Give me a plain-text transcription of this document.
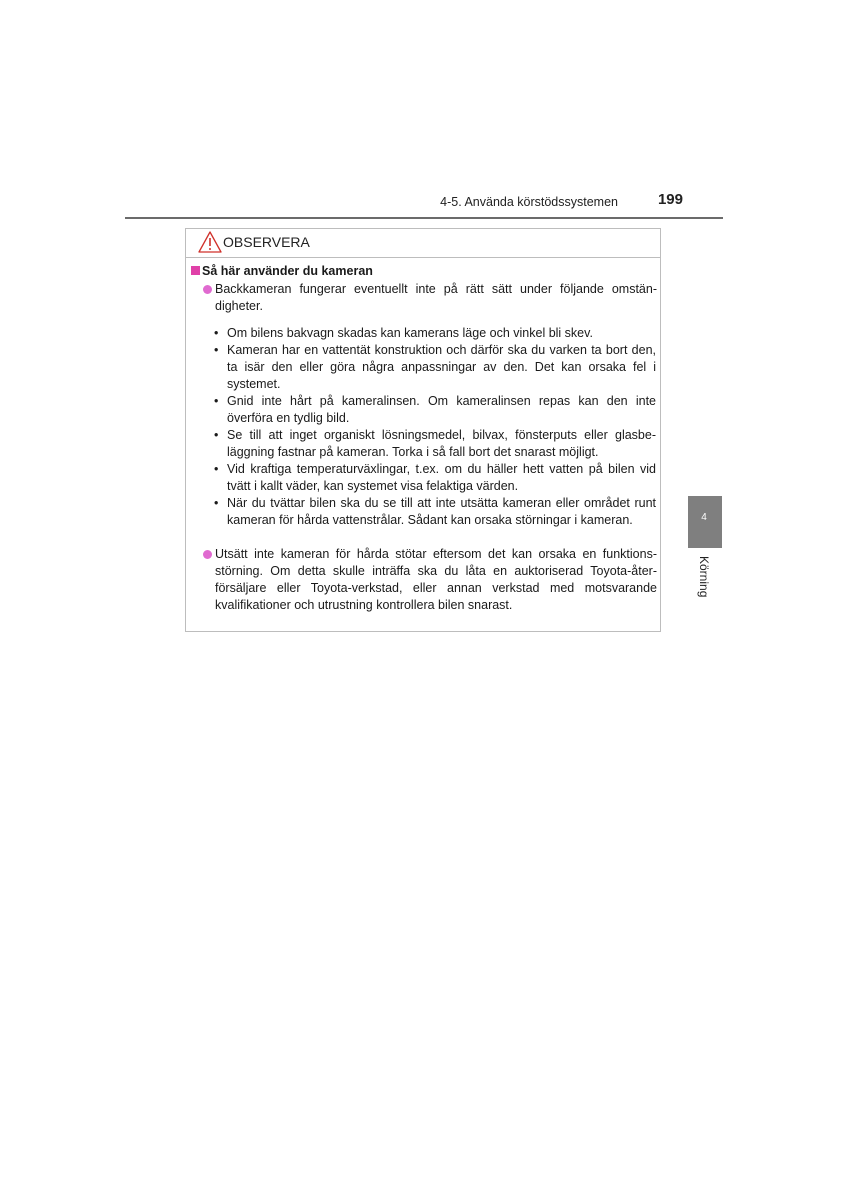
4-5. Använda körstödssystemen	199
OBSERVERA
Så här använder du kameran
Backkameran fungerar eventuellt inte på rätt sätt under följande omstän- digheter.
• Om bilens bakvagn skadas kan kamerans läge och vinkel bli skev.
• Kameran har en vattentät konstruktion och därför ska du varken ta bort den, ta isär den eller göra några anpassningar av den. Det kan orsaka fel i systemet.
• Gnid inte hårt på kameralinsen. Om kameralinsen repas kan den inte överföra en tydlig bild.
• Se till att inget organiskt lösningsmedel, bilvax, fönsterputs eller glasbe- läggning fastnar på kameran. Torka i så fall bort det snarast möjligt.
• Vid kraftiga temperaturväxlingar, t.ex. om du häller hett vatten på bilen vid tvätt i kallt väder, kan systemet visa felaktiga värden.
• När du tvättar bilen ska du se till att inte utsätta kameran eller området runt kameran för hårda vattenstrålar. Sådant kan orsaka störningar i kameran.
Utsätt inte kameran för hårda stötar eftersom det kan orsaka en funktions- störning. Om detta skulle inträffa ska du låta en auktoriserad Toyota-åter- försäljare eller Toyota-verkstad, eller annan verkstad med motsvarande kvalifikationer och utrustning kontrollera bilen snarast.
4
Körning
